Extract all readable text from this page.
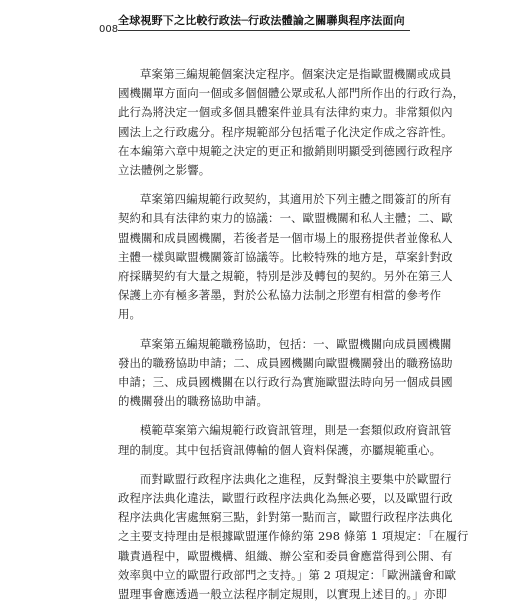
008
全球視野下之比較行政法─行政法體論之關聯與程序法面向
草案第三編規範個案決定程序。個案決定是指歐盟機關或成員
國機關單方面向一個或多個個體公眾或私人部門所作出的行政行為，
此行為將決定一個或多個具體案件並具有法律約束力。非常類似內
國法上之行政處分。程序規範部分包括電子化決定作成之容許性。
在本編第六章中規範之決定的更正和撤銷則明顯受到德國行政程序
立法體例之影響。
草案第四編規範行政契約，其適用於下列主體之間簽訂的所有
契約和具有法律約束力的協議：一、歐盟機關和私人主體；二、歐
盟機關和成員國機關，若後者是一個市場上的服務提供者並像私人
主體一樣與歐盟機關簽訂協議等。比較特殊的地方是，草案針對政
府採購契約有大量之規範，特別是涉及轉包的契約。另外在第三人
保護上亦有極多著墨，對於公私協力法制之形塑有相當的參考作
用。
草案第五編規範職務協助，包括：一、歐盟機關向成員國機關
發出的職務協助申請；二、成員國機關向歐盟機關發出的職務協助
申請；三、成員國機關在以行政行為實施歐盟法時向另一個成員國
的機關發出的職務協助申請。
模範草案第六編規範行政資訊管理，則是一套類似政府資訊管
理的制度。其中包括資訊傳輸的個人資料保護，亦屬規範重心。
而對歐盟行政程序法典化之進程，反對聲浪主要集中於歐盟行
政程序法典化違法，歐盟行政程序法典化為無必要，以及歐盟行政
程序法典化害處無窮三點，針對第一點而言，歐盟行政程序法典化
之主要支持理由是根據歐盟運作條約第 298 條第 1 項規定：「在履行
職責過程中，歐盟機構、組織、辦公室和委員會應當得到公開、有
效率與中立的歐盟行政部門之支持。」第 2 項規定：「歐洲議會和歐
盟理事會應透過一般立法程序制定規則，以實現上述目的。」亦即
